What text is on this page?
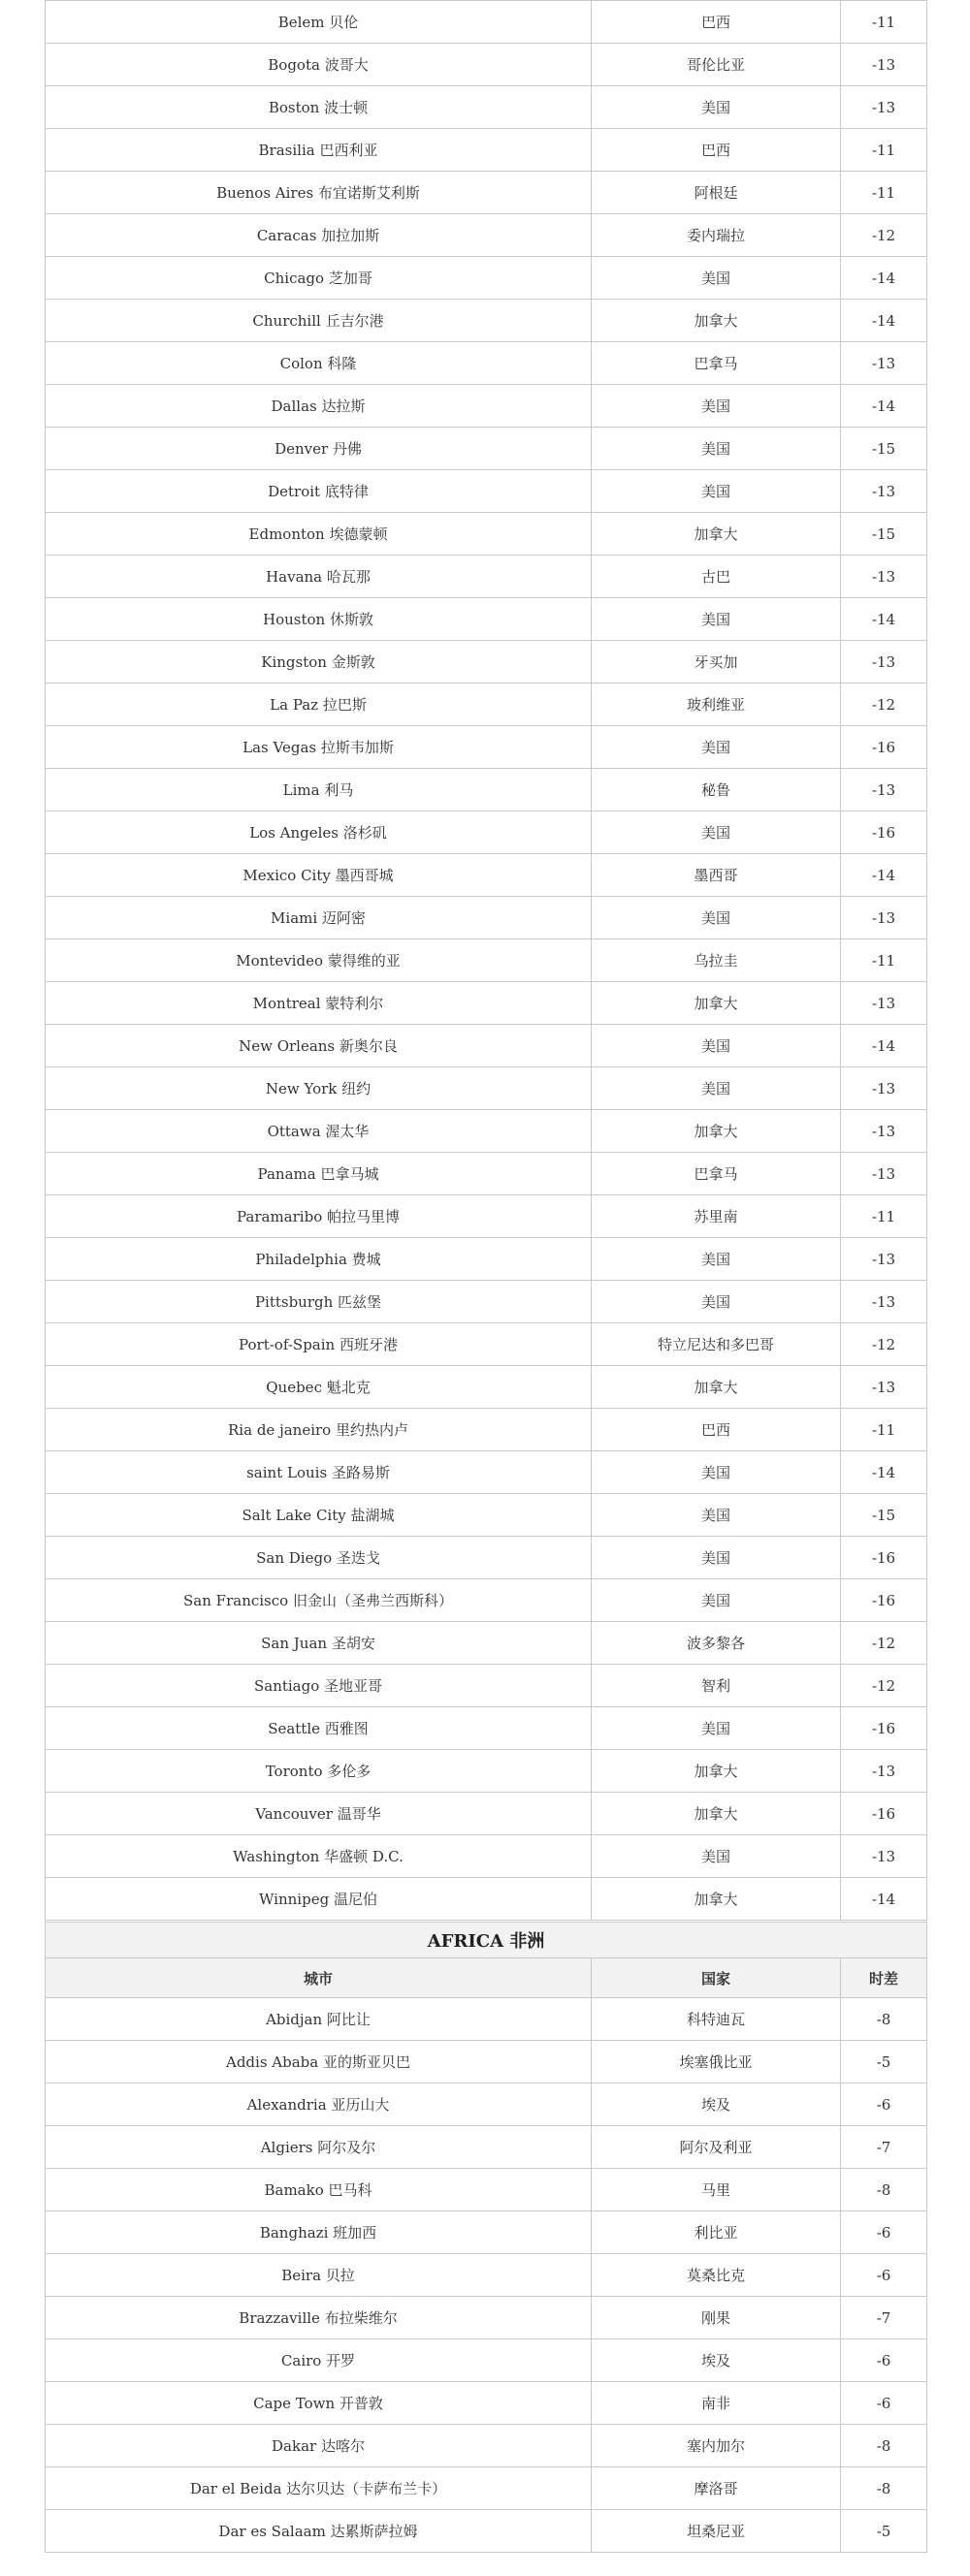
Belem 贝伦	巴西	-11
Bogota 波哥大	哥伦比亚	-13
Boston 波士顿	美国	-13
Brasilia 巴西利亚	巴西	-11
Buenos Aires 布宜诺斯艾利斯	阿根廷	-11
Caracas 加拉加斯	委内瑞拉	-12
Chicago 芝加哥	美国	-14
Churchill 丘吉尔港	加拿大	-14
Colon 科隆	巴拿马	-13
Dallas 达拉斯	美国	-14
Denver 丹佛	美国	-15
Detroit 底特律	美国	-13
Edmonton 埃德蒙顿	加拿大	-15
Havana 哈瓦那	古巴	-13
Houston 休斯敦	美国	-14
Kingston 金斯敦	牙买加	-13
La Paz 拉巴斯	玻利维亚	-12
Las Vegas 拉斯韦加斯	美国	-16
Lima 利马	秘鲁	-13
Los Angeles 洛杉矶	美国	-16
Mexico City 墨西哥城	墨西哥	-14
Miami 迈阿密	美国	-13
Montevideo 蒙得维的亚	乌拉圭	-11
Montreal 蒙特利尔	加拿大	-13
New Orleans 新奥尔良	美国	-14
New York 纽约	美国	-13
Ottawa 渥太华	加拿大	-13
Panama 巴拿马城	巴拿马	-13
Paramaribo 帕拉马里博	苏里南	-11
Philadelphia 费城	美国	-13
Pittsburgh 匹兹堡	美国	-13
Port-of-Spain 西班牙港	特立尼达和多巴哥	-12
Quebec 魁北克	加拿大	-13
Ria de janeiro 里约热内卢	巴西	-11
saint Louis 圣路易斯	美国	-14
Salt Lake City 盐湖城	美国	-15
San Diego 圣迭戈	美国	-16
San Francisco 旧金山（圣弗兰西斯科）	美国	-16
San Juan 圣胡安	波多黎各	-12
Santiago 圣地亚哥	智利	-12
Seattle 西雅图	美国	-16
Toronto 多伦多	加拿大	-13
Vancouver 温哥华	加拿大	-16
Washington 华盛顿 D.C.	美国	-13
Winnipeg 温尼伯	加拿大	-14
AFRICA 非洲		
城市	国家	时差
Abidjan 阿比让	科特迪瓦	-8
Addis Ababa 亚的斯亚贝巴	埃塞俄比亚	-5
Alexandria 亚历山大	埃及	-6
Algiers 阿尔及尔	阿尔及利亚	-7
Bamako 巴马科	马里	-8
Banghazi 班加西	利比亚	-6
Beira 贝拉	莫桑比克	-6
Brazzaville 布拉柴维尔	刚果	-7
Cairo 开罗	埃及	-6
Cape Town 开普敦	南非	-6
Dakar 达喀尔	塞内加尔	-8
Dar el Beida 达尔贝达（卡萨布兰卡）	摩洛哥	-8
Dar es Salaam 达累斯萨拉姆	坦桑尼亚	-5
